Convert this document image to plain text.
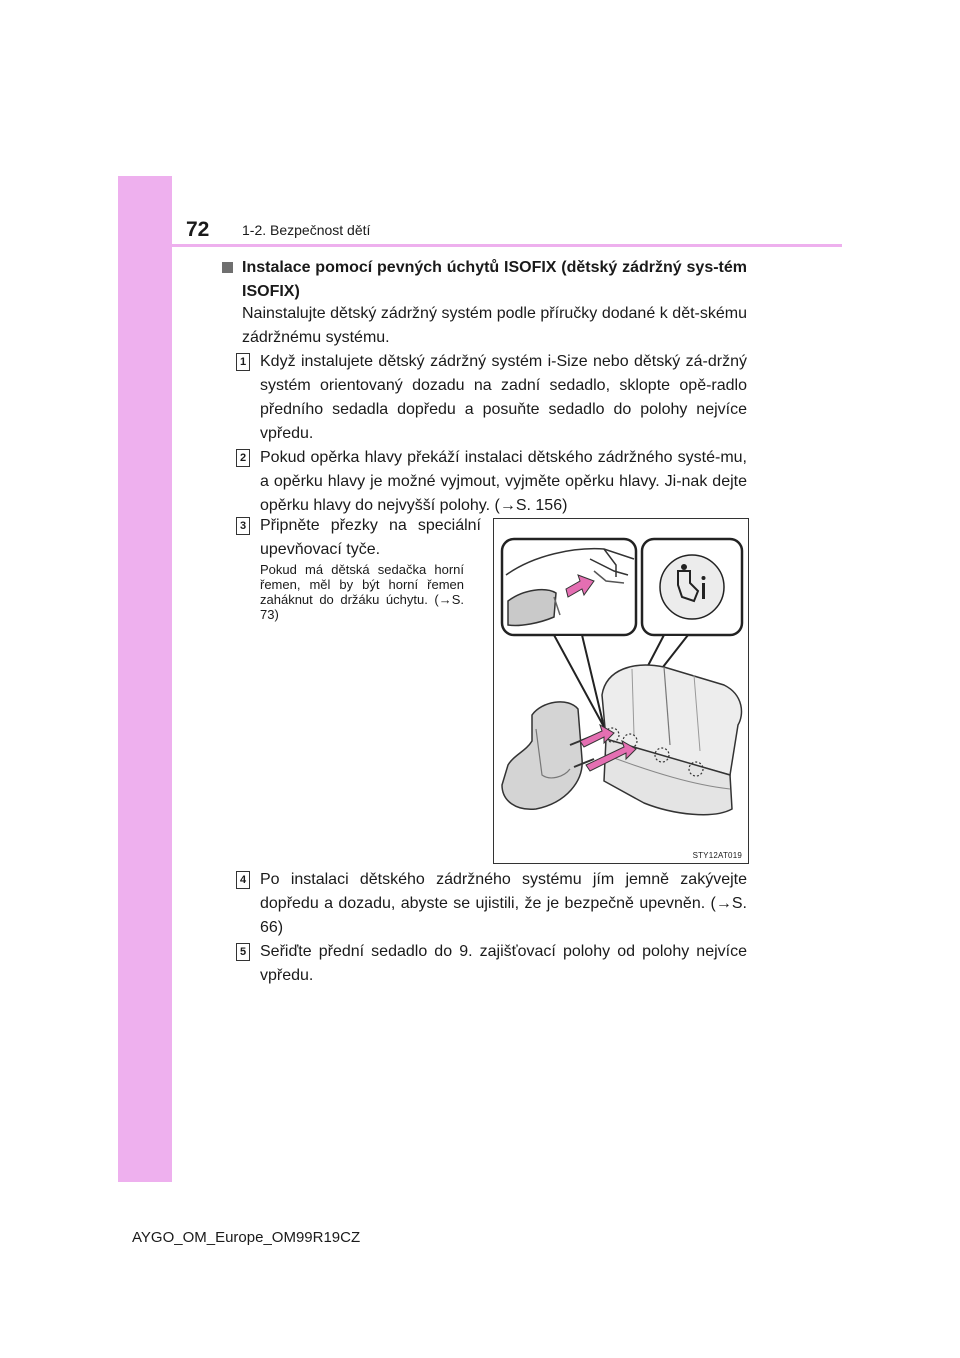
72 1-2. Bezpečnost dětí
Instalace pomocí pevných úchytů ISOFIX (dětský zádržný sys-tém ISOFIX)
Nainstalujte dětský zádržný systém podle příručky dodané k dět-skému zádržnému systému.
1 Když instalujete dětský zádržný systém i-Size nebo dětský zá-držný systém orientovaný dozadu na zadní sedadlo, sklopte opě-radlo předního sedadla dopředu a posuňte sedadlo do polohy nejvíce vpředu.
2 Pokud opěrka hlavy překáží instalaci dětského zádržného systé-mu, a opěrku hlavy je možné vyjmout, vyjměte opěrku hlavy. Ji-nak dejte opěrku hlavy do nejvyšší polohy. (→S. 156)
3 Připněte přezky na speciální upevňovací tyče.
Pokud má dětská sedačka horní řemen, měl by být horní řemen zaháknut do držáku úchytu. (→S. 73)
STY12AT019
4 Po instalaci dětského zádržného systému jím jemně zakývejte dopředu a dozadu, abyste se ujistili, že je bezpečně upevněn. (→S. 66)
5 Seřiďte přední sedadlo do 9. zajišťovací polohy od polohy nejvíce vpředu.
AYGO_OM_Europe_OM99R19CZ
